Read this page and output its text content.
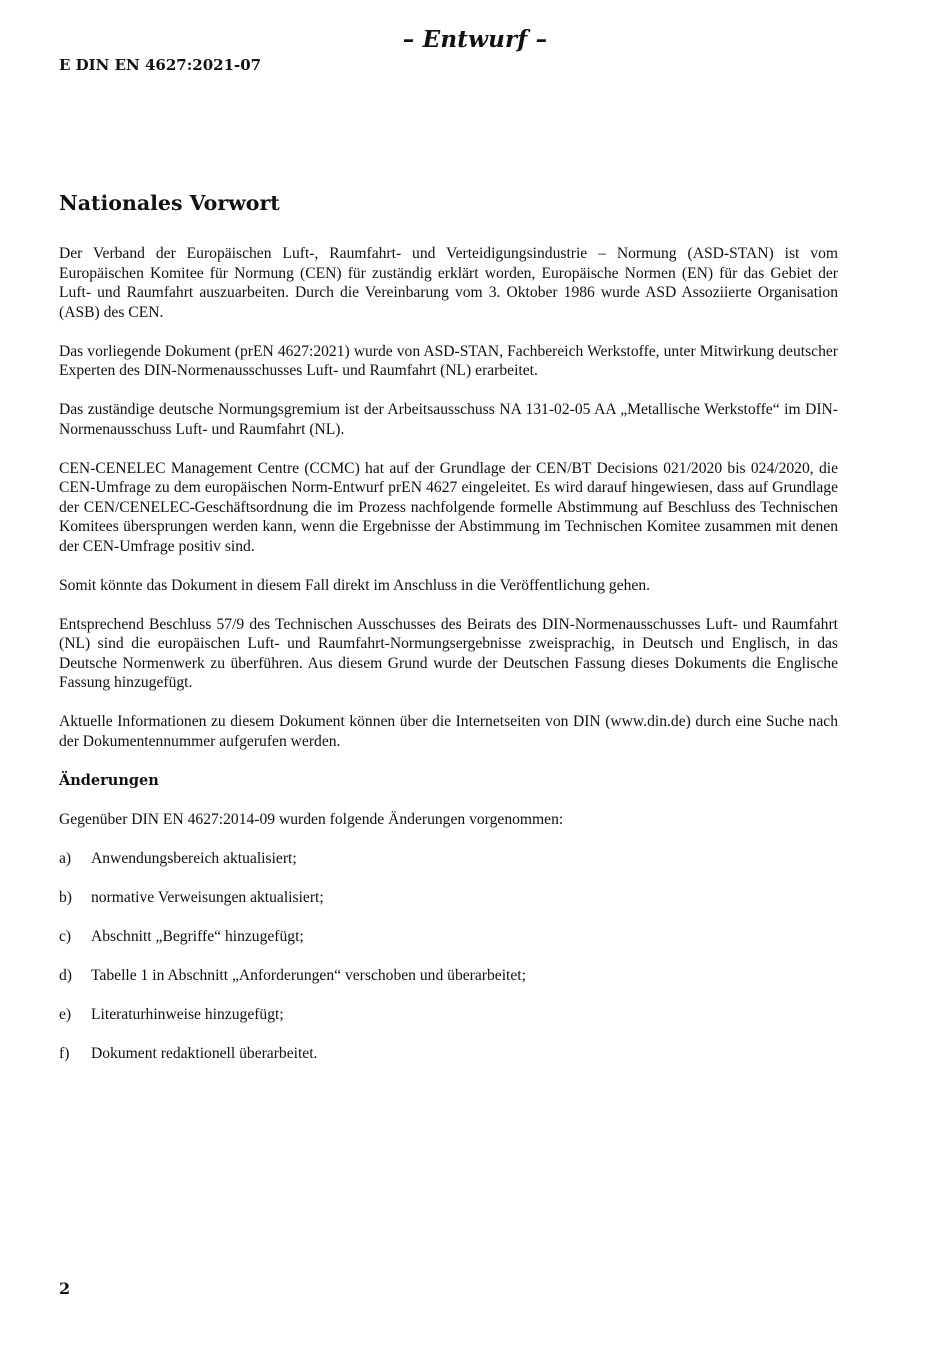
– Entwurf –
E DIN EN 4627:2021-07
Nationales Vorwort

Der Verband der Europäischen Luft-, Raumfahrt- und Verteidigungsindustrie – Normung (ASD-STAN) ist vom Europäischen Komitee für Normung (CEN) für zuständig erklärt worden, Europäische Normen (EN) für das Gebiet der Luft- und Raumfahrt auszuarbeiten. Durch die Vereinbarung vom 3. Oktober 1986 wurde ASD Assoziierte Organisation (ASB) des CEN.

Das vorliegende Dokument (prEN 4627:2021) wurde von ASD-STAN, Fachbereich Werkstoffe, unter Mitwirkung deutscher Experten des DIN-Normenausschusses Luft- und Raumfahrt (NL) erarbeitet.

Das zuständige deutsche Normungsgremium ist der Arbeitsausschuss NA 131-02-05 AA „Metallische Werkstoffe“ im DIN-Normenausschuss Luft- und Raumfahrt (NL).

CEN-CENELEC Management Centre (CCMC) hat auf der Grundlage der CEN/BT Decisions 021/2020 bis 024/2020, die CEN-Umfrage zu dem europäischen Norm-Entwurf prEN 4627 eingeleitet. Es wird darauf hingewiesen, dass auf Grundlage der CEN/CENELEC-Geschäftsordnung die im Prozess nachfolgende formelle Abstimmung auf Beschluss des Technischen Komitees übersprungen werden kann, wenn die Ergebnisse der Abstimmung im Technischen Komitee zusammen mit denen der CEN-Umfrage positiv sind.

Somit könnte das Dokument in diesem Fall direkt im Anschluss in die Veröffentlichung gehen.

Entsprechend Beschluss 57/9 des Technischen Ausschusses des Beirats des DIN-Normenausschusses Luft- und Raumfahrt (NL) sind die europäischen Luft- und Raumfahrt-Normungsergebnisse zweisprachig, in Deutsch und Englisch, in das Deutsche Normenwerk zu überführen. Aus diesem Grund wurde der Deutschen Fassung dieses Dokuments die Englische Fassung hinzugefügt.

Aktuelle Informationen zu diesem Dokument können über die Internetseiten von DIN (www.din.de) durch eine Suche nach der Dokumentennummer aufgerufen werden.

Änderungen

Gegenüber DIN EN 4627:2014-09 wurden folgende Änderungen vorgenommen:

a)	Anwendungsbereich aktualisiert;
b)	normative Verweisungen aktualisiert;
c)	Abschnitt „Begriffe“ hinzugefügt;
d)	Tabelle 1 in Abschnitt „Anforderungen“ verschoben und überarbeitet;
e)	Literaturhinweise hinzugefügt;
f)	Dokument redaktionell überarbeitet.
2
